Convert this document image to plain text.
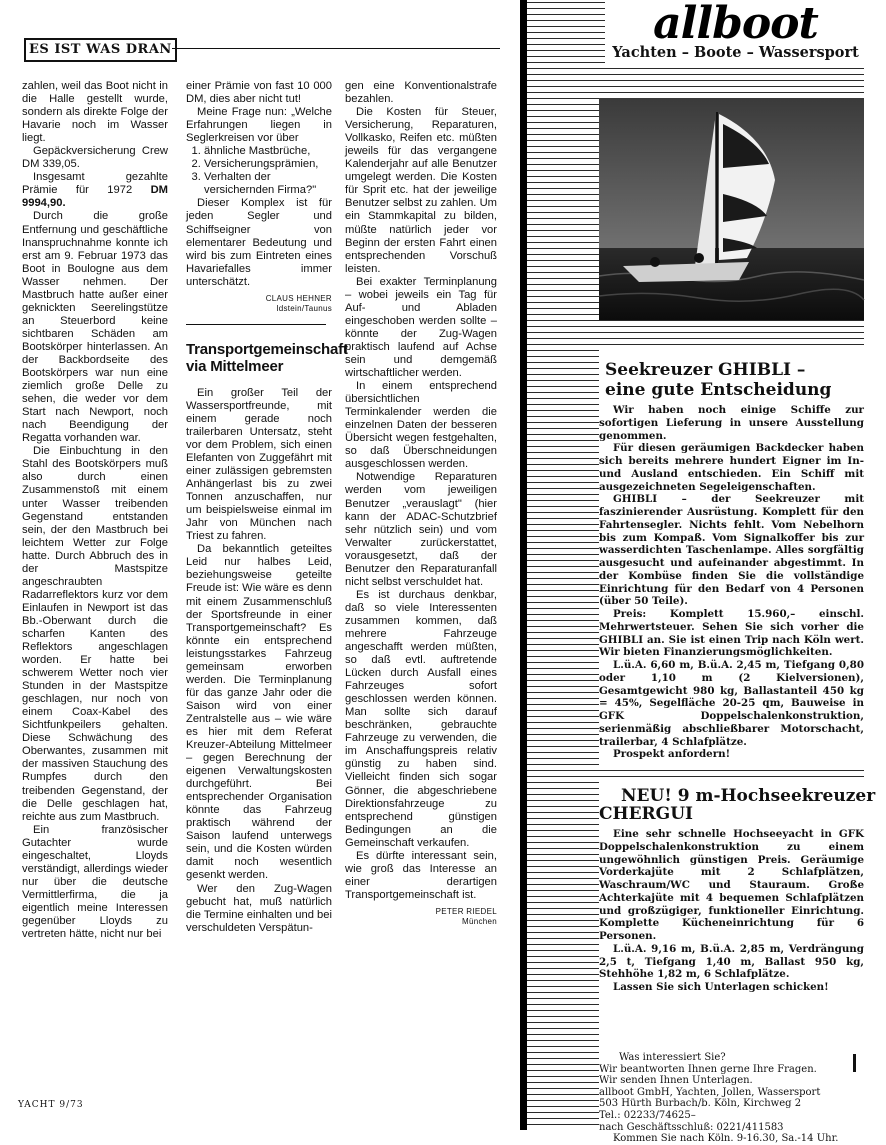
ES IST WAS DRAN

zahlen, weil das Boot nicht in die Halle gestellt wurde, sondern als direkte Folge der Havarie noch im Wasser liegt.

Gepäckversicherung Crew DM 339,05.

Insgesamt gezahlte Prämie für 1972 DM 9994,90.

Durch die große Entfernung und geschäftliche Inanspruchnahme konnte ich erst am 9. Februar 1973 das Boot in Boulogne aus dem Wasser nehmen. Der Mastbruch hatte außer einer geknickten Seerelingstütze an Steuerbord keine sichtbaren Schäden am Bootskörper hinterlassen. An der Backbordseite des Bootskörpers war nun eine ziemlich große Delle zu sehen, die weder vor dem Start nach Newport, noch nach Beendigung der Regatta vorhanden war.

Die Einbuchtung in den Stahl des Bootskörpers muß also durch einen Zusammenstoß mit einem unter Wasser treibenden Gegenstand entstanden sein, der den Mastbruch bei leichtem Wetter zur Folge hatte. Durch Abbruch des in der Mastspitze angeschraubten Radarreflektors kurz vor dem Einlaufen in Newport ist das Bb.-Oberwant durch die scharfen Kanten des Reflektors angeschlagen worden. Er hatte bei schwerem Wetter noch vier Stunden in der Mastspitze geschlagen, nur noch von einem Coax-Kabel des Sichtfunkpeilers gehalten. Diese Schwächung des Oberwantes, zusammen mit der massiven Stauchung des Rumpfes durch den treibenden Gegenstand, der die Delle geschlagen hat, reichte aus zum Mastbruch.

Ein französischer Gutachter wurde eingeschaltet, Lloyds verständigt, allerdings wieder nur über die deutsche Vermittlerfirma, die ja eigentlich meine Interessen gegenüber Lloyds zu vertreten hätte, nicht nur bei

einer Prämie von fast 10 000 DM, dies aber nicht tut!

Meine Frage nun: „Welche Erfahrungen liegen in Seglerkreisen vor über

1. ähnliche Mastbrüche,
2. Versicherungsprämien,
3. Verhalten der versichernden Firma?"

Dieser Komplex ist für jeden Segler und Schiffseigner von elementarer Bedeutung und wird bis zum Eintreten eines Havariefalles immer unterschätzt.

CLAUS HEHNER
Idstein/Taunus
Transportgemeinschaft via Mittelmeer

Ein großer Teil der Wassersportfreunde, mit einem gerade noch trailerbaren Untersatz, steht vor dem Problem, sich einen Elefanten von Zuggefährt mit einer zulässigen gebremsten Anhängerlast bis zu zwei Tonnen anzuschaffen, nur um beispielsweise einmal im Jahr von München nach Triest zu fahren.

Da bekanntlich geteiltes Leid nur halbes Leid, beziehungsweise geteilte Freude ist: Wie wäre es denn mit einem Zusammenschluß der Sportsfreunde in einer Transportgemeinschaft? Es könnte ein entsprechend leistungsstarkes Fahrzeug gemeinsam erworben werden. Die Terminplanung für das ganze Jahr oder die Saison wird von einer Zentralstelle aus – wie wäre es hier mit dem Referat Kreuzer-Abteilung Mittelmeer – gegen Berechnung der eigenen Verwaltungskosten durchgeführt. Bei entsprechender Organisation könnte das Fahrzeug praktisch während der Saison laufend unterwegs sein, und die Kosten würden damit noch wesentlich gesenkt werden.

Wer den Zug-Wagen gebucht hat, muß natürlich die Termine einhalten und bei verschuldeten Verspätun-

gen eine Konventionalstrafe bezahlen.

Die Kosten für Steuer, Versicherung, Reparaturen, Vollkasko, Reifen etc. müßten jeweils für das vergangene Kalenderjahr auf alle Benutzer umgelegt werden. Die Kosten für Sprit etc. hat der jeweilige Benutzer selbst zu zahlen. Um ein Stammkapital zu bilden, müßte natürlich jeder vor Beginn der ersten Fahrt einen entsprechenden Vorschuß leisten.

Bei exakter Terminplanung – wobei jeweils ein Tag für Auf- und Abladen eingeschoben werden sollte – könnte der Zug-Wagen praktisch laufend auf Achse sein und demgemäß wirtschaftlicher werden.

In einem entsprechend übersichtlichen Terminkalender werden die einzelnen Daten der besseren Übersicht wegen festgehalten, so daß Überschneidungen ausgeschlossen werden.

Notwendige Reparaturen werden vom jeweiligen Benutzer „verauslagt" (hier kann der ADAC-Schutzbrief sehr nützlich sein) und vom Verwalter zurückerstattet, vorausgesetzt, daß der Benutzer den Reparaturanfall nicht selbst verschuldet hat.

Es ist durchaus denkbar, daß so viele Interessenten zusammen kommen, daß mehrere Fahrzeuge angeschafft werden müßten, so daß evtl. auftretende Lücken durch Ausfall eines Fahrzeuges sofort geschlossen werden können. Man sollte sich darauf beschränken, gebrauchte Fahrzeuge zu verwenden, die im Anschaffungspreis relativ günstig zu haben sind. Vielleicht finden sich sogar Gönner, die abgeschriebene Direktionsfahrzeuge zu entsprechend günstigen Bedingungen an die Gemeinschaft verkaufen.

Es dürfte interessant sein, wie groß das Interesse an einer derartigen Transportgemeinschaft ist.

PETER RIEDEL
München
YACHT 9/73
allboot
Yachten – Boote – Wassersport
Seekreuzer GHIBLI –
eine gute Entscheidung

Wir haben noch einige Schiffe zur sofortigen Lieferung in unsere Ausstellung genommen.

Für diesen geräumigen Backdecker haben sich bereits mehrere hundert Eigner im In- und Ausland entschieden. Ein Schiff mit ausgezeichneten Segeleigenschaften.

GHIBLI – der Seekreuzer mit faszinierender Ausrüstung. Komplett für den Fahrtensegler. Nichts fehlt. Vom Nebelhorn bis zum Kompaß. Vom Signalkoffer bis zur wasserdichten Taschenlampe. Alles sorgfältig ausgesucht und aufeinander abgestimmt. In der Kombüse finden Sie die vollständige Einrichtung für den Bedarf von 4 Personen (über 50 Teile).

Preis: Komplett 15.960,– einschl. Mehrwertsteuer. Sehen Sie sich vorher die GHIBLI an. Sie ist einen Trip nach Köln wert. Wir bieten Finanzierungsmöglichkeiten.

L.ü.A. 6,60 m, B.ü.A. 2,45 m, Tiefgang 0,80 oder 1,10 m (2 Kielversionen), Gesamtgewicht 980 kg, Ballastanteil 450 kg = 45%, Segelfläche 20-25 qm, Bauweise in GFK Doppelschalenkonstruktion, serienmäßig abschließbarer Motorschacht, trailerbar, 4 Schlafplätze.

Prospekt anfordern!

NEU! 9 m-Hochseekreuzer
CHERGUI

Eine sehr schnelle Hochseeyacht in GFK Doppelschalenkonstruktion zu einem ungewöhnlich günstigen Preis. Geräumige Vorderkajüte mit 2 Schlafplätzen, Waschraum/WC und Stauraum. Große Achterkajüte mit 4 bequemen Schlafplätzen und großzügiger, funktioneller Einrichtung. Komplette Kücheneinrichtung für 6 Personen.

L.ü.A. 9,16 m, B.ü.A. 2,85 m, Verdrängung 2,5 t, Tiefgang 1,40 m, Ballast 950 kg, Stehhöhe 1,82 m, 6 Schlafplätze.

Lassen Sie sich Unterlagen schicken!

Was interessiert Sie?
Wir beantworten Ihnen gerne Ihre Fragen.
Wir senden Ihnen Unterlagen.
allboot GmbH, Yachten, Jollen, Wassersport
503 Hürth Burbach/b. Köln, Kirchweg 2
Tel.: 02233/74625–
nach Geschäftsschluß: 0221/411583
Kommen Sie nach Köln. 9-16.30, Sa.-14 Uhr.
